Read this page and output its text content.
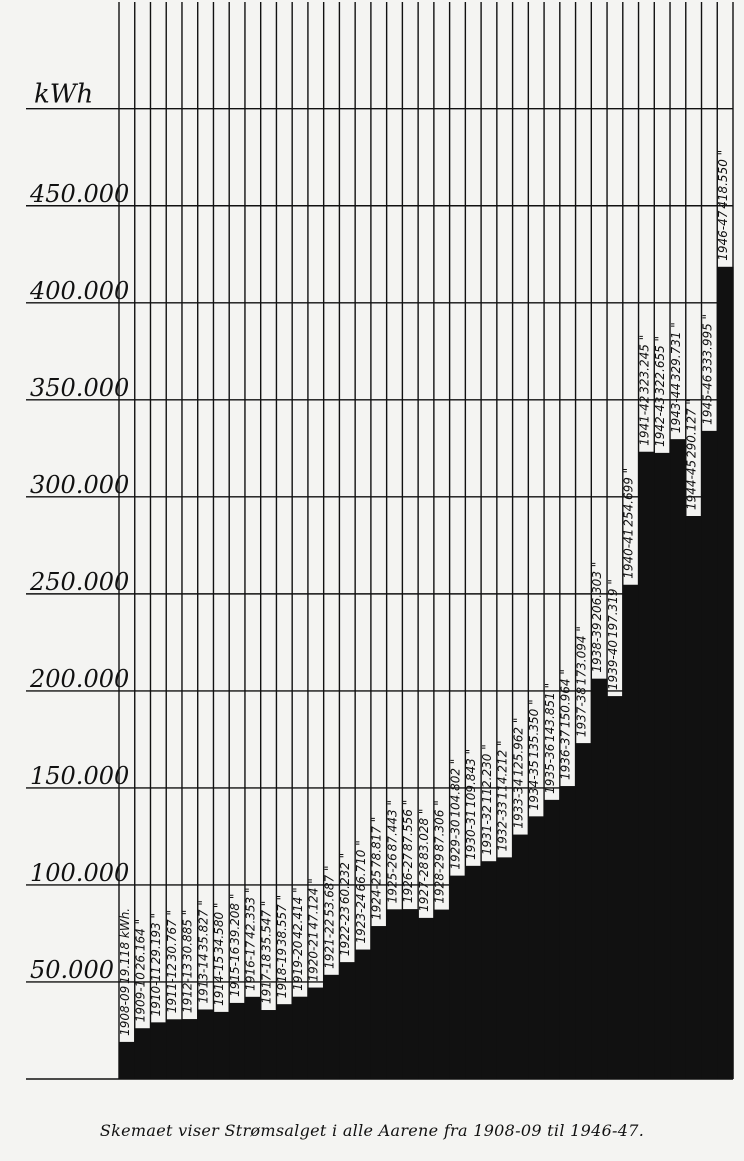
1908-09
19.118 kWh.
1909-10
26.164 "
1910-11
29.193 "
1911-12
30.767 "
1912-13
30.885 "
1913-14
35.827 "
1914-15
34.580 "
1915-16
39.208 "
1916-17
42.353 "
1917-18
35.547 "
1918-19
38.557 "
1919-20
42.414 "
1920-21
47.124 "
1921-22
53.687 "
1922-23
60.232 "
1923-24
66.710 "
1924-25
78.817 "
1925-26
87.443 "
1926-27
87.556 "
1927-28
83.028 "
1928-29
87.306 " 1929-30
104.802 "
1930-31
109.843 "
1931-32
112.230 "
1932-33
114.212 "
1933-34
125.962 "
1934-35
135.350 "
1935-36
143.851 "
1936-37
150.964 " 1937-38
173.094 " 1938-39
206.303 "
1939-40
197.319 "
1940-41
254.699 "
1941-42
323.245 "
1942-43
322.655 "
1943-44
329.731 "
1944-45
290.127 " 1945-46
333.995 "
1946-47
418.550 "
50.000
100.000
150.000
200.000
250.000
300.000
350.000
400.000
450.000
kWh
Skemaet viser Strømsalget i alle Aarene fra 1908-09 til 1946-47.
